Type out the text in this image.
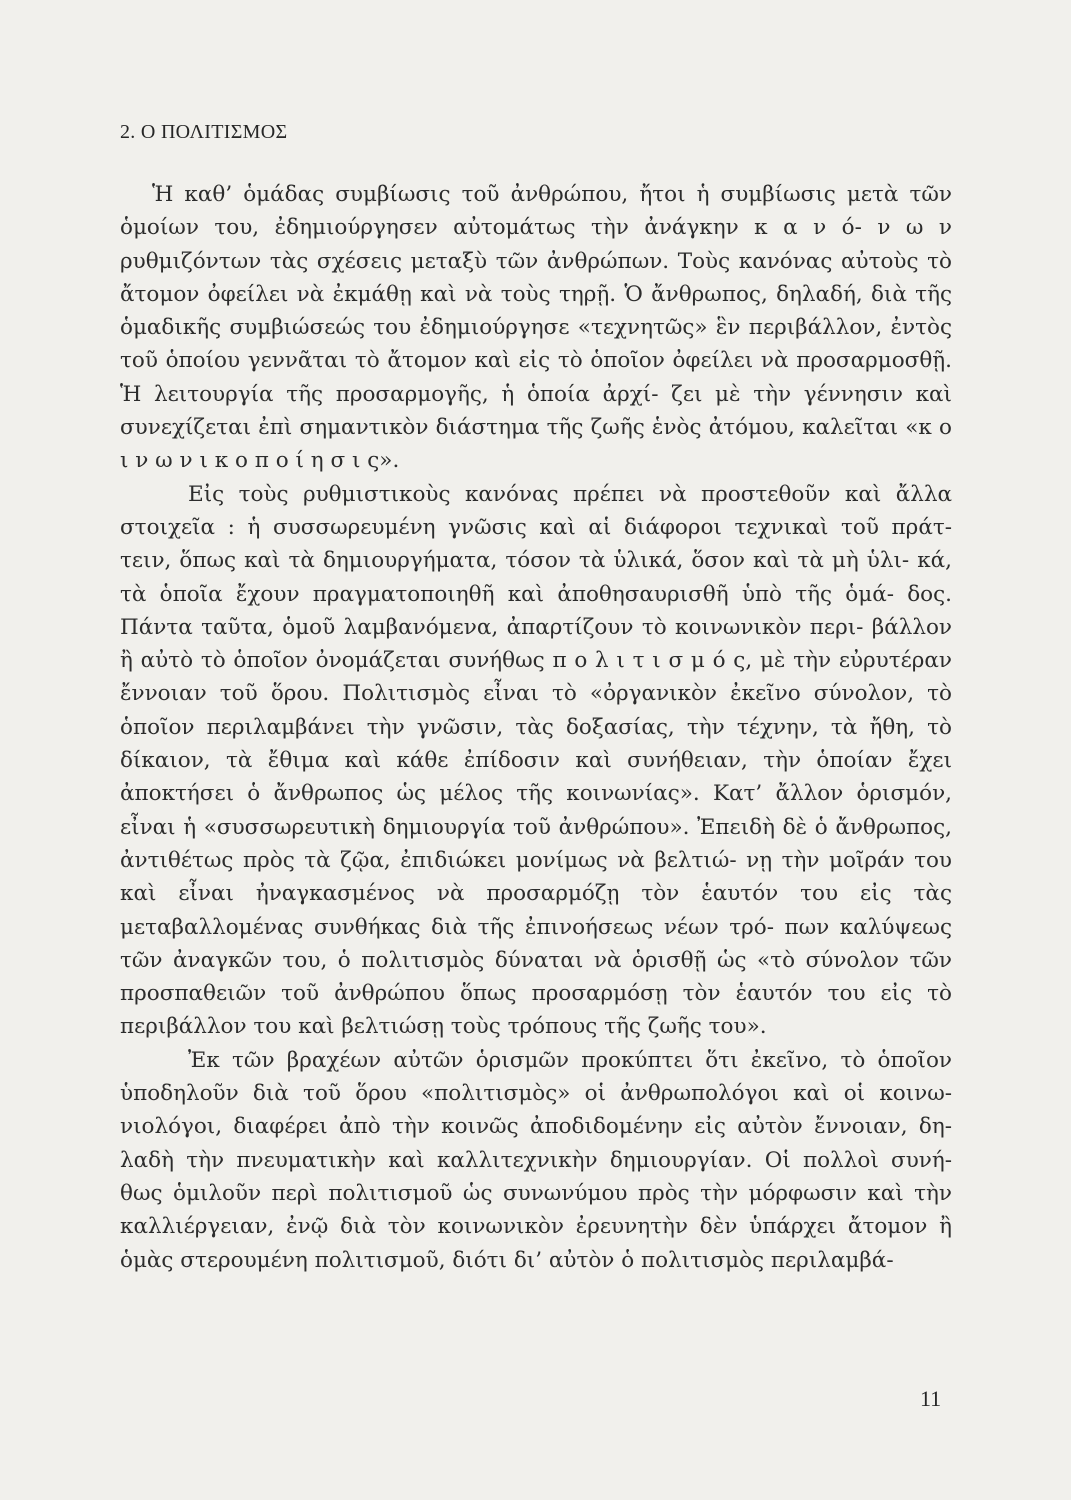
2. Ο ΠΟΛΙΤΙΣΜΟΣ

Ἡ καθ’ ὁμάδας συμβίωσις τοῦ ἀνθρώπου, ἤτοι ἡ συμβίωσις μετὰ τῶν ὁμοίων του, ἐδημιούργησεν αὐτομάτως τὴν ἀνάγκην κ α ν ό- ν ω ν ρυθμιζόντων τὰς σχέσεις μεταξὺ τῶν ἀνθρώπων. Τοὺς κανόνας αὐτοὺς τὸ ἄτομον ὀφείλει νὰ ἐκμάθῃ καὶ νὰ τοὺς τηρῇ. Ὁ ἄνθρωπος, δηλαδή, διὰ τῆς ὁμαδικῆς συμβιώσεώς του ἐδημιούργησε «τεχνητῶς» ἓν περιβάλλον, ἐντὸς τοῦ ὁποίου γεννᾶται τὸ ἄτομον καὶ εἰς τὸ ὁποῖον ὀφείλει νὰ προσαρμοσθῇ. Ἡ λειτουργία τῆς προσαρμογῆς, ἡ ὁποία ἀρχί- ζει μὲ τὴν γέννησιν καὶ συνεχίζεται ἐπὶ σημαντικὸν διάστημα τῆς ζωῆς ἑνὸς ἀτόμου, καλεῖται «κ ο ι ν ω ν ι κ ο π ο ί η σ ι ς».

Εἰς τοὺς ρυθμιστικοὺς κανόνας πρέπει νὰ προστεθοῦν καὶ ἄλλα στοιχεῖα : ἡ συσσωρευμένη γνῶσις καὶ αἱ διάφοροι τεχνικαὶ τοῦ πράτ- τειν, ὅπως καὶ τὰ δημιουργήματα, τόσον τὰ ὑλικά, ὅσον καὶ τὰ μὴ ὑλι- κά, τὰ ὁποῖα ἔχουν πραγματοποιηθῆ καὶ ἀποθησαυρισθῆ ὑπὸ τῆς ὁμά- δος. Πάντα ταῦτα, ὁμοῦ λαμβανόμενα, ἀπαρτίζουν τὸ κοινωνικὸν περι- βάλλον ἢ αὐτὸ τὸ ὁποῖον ὀνομάζεται συνήθως π ο λ ι τ ι σ μ ό ς, μὲ τὴν εὐρυτέραν ἔννοιαν τοῦ ὅρου. Πολιτισμὸς εἶναι τὸ «ὀργανικὸν ἐκεῖνο σύνολον, τὸ ὁποῖον περιλαμβάνει τὴν γνῶσιν, τὰς δοξασίας, τὴν τέχνην, τὰ ἤθη, τὸ δίκαιον, τὰ ἔθιμα καὶ κάθε ἐπίδοσιν καὶ συνήθειαν, τὴν ὁποίαν ἔχει ἀποκτήσει ὁ ἄνθρωπος ὡς μέλος τῆς κοινωνίας». Κατ’ ἄλλον ὁρισμόν, εἶναι ἡ «συσσωρευτικὴ δημιουργία τοῦ ἀνθρώπου». Ἐπειδὴ δὲ ὁ ἄνθρωπος, ἀντιθέτως πρὸς τὰ ζῷα, ἐπιδιώκει μονίμως νὰ βελτιώ- νῃ τὴν μοῖράν του καὶ εἶναι ἠναγκασμένος νὰ προσαρμόζῃ τὸν ἑαυτόν του εἰς τὰς μεταβαλλομένας συνθήκας διὰ τῆς ἐπινοήσεως νέων τρό- πων καλύψεως τῶν ἀναγκῶν του, ὁ πολιτισμὸς δύναται νὰ ὁρισθῇ ὡς «τὸ σύνολον τῶν προσπαθειῶν τοῦ ἀνθρώπου ὅπως προσαρμόσῃ τὸν ἑαυτόν του εἰς τὸ περιβάλλον του καὶ βελτιώσῃ τοὺς τρόπους τῆς ζωῆς του».

Ἐκ τῶν βραχέων αὐτῶν ὁρισμῶν προκύπτει ὅτι ἐκεῖνο, τὸ ὁποῖον ὑποδηλοῦν διὰ τοῦ ὅρου «πολιτισμὸς» οἱ ἀνθρωπολόγοι καὶ οἱ κοινω- νιολόγοι, διαφέρει ἀπὸ τὴν κοινῶς ἀποδιδομένην εἰς αὐτὸν ἔννοιαν, δη- λαδὴ τὴν πνευματικὴν καὶ καλλιτεχνικὴν δημιουργίαν. Οἱ πολλοὶ συνή- θως ὁμιλοῦν περὶ πολιτισμοῦ ὡς συνωνύμου πρὸς τὴν μόρφωσιν καὶ τὴν καλλιέργειαν, ἐνῷ διὰ τὸν κοινωνικὸν ἐρευνητὴν δὲν ὑπάρχει ἄτομον ἢ ὁμὰς στερουμένη πολιτισμοῦ, διότι δι’ αὐτὸν ὁ πολιτισμὸς περιλαμβά-

11
